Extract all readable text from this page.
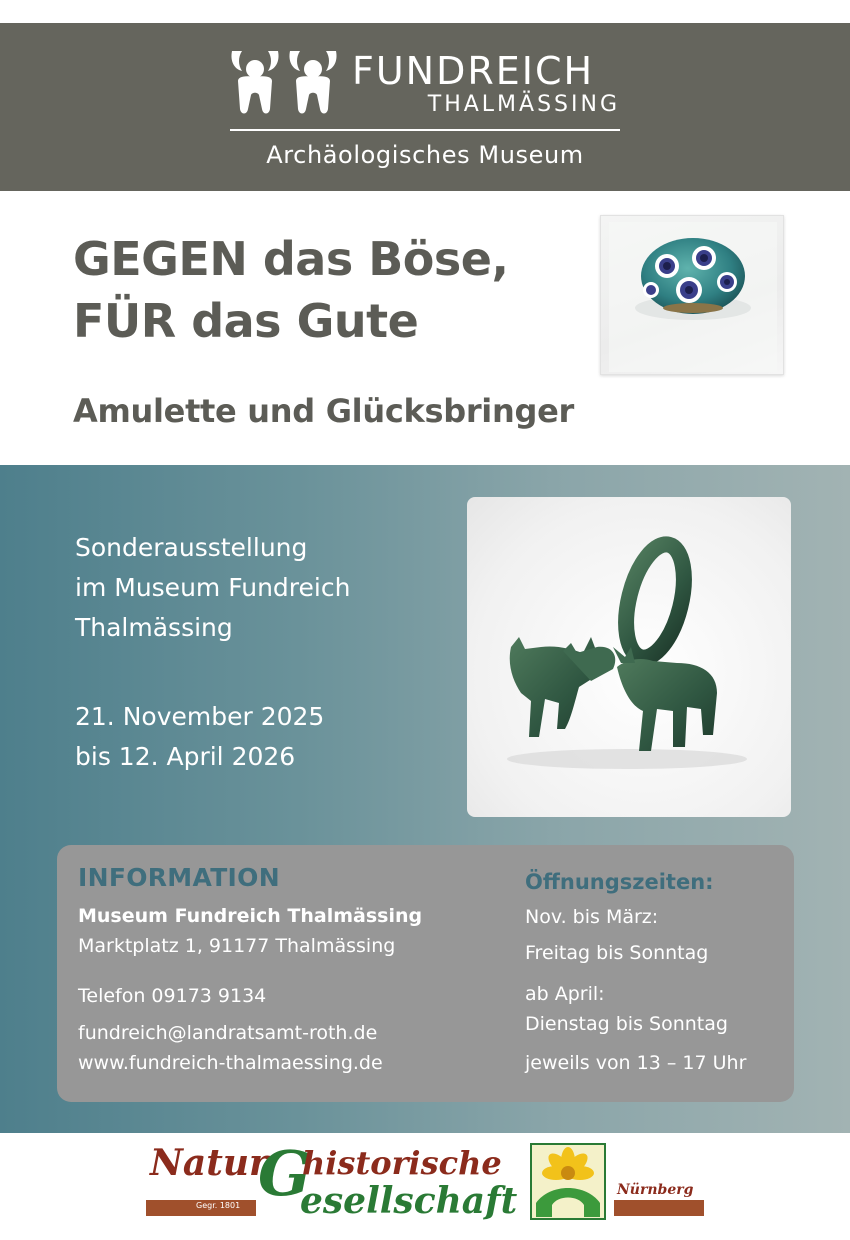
FUNDREICH
THALMÄSSING
Archäologisches Museum
GEGEN das Böse,
FÜR das Gute
Amulette und Glücksbringer
Sonderausstellung
im Museum Fundreich
Thalmässing
21. November 2025
bis 12. April 2026
INFORMATION
Museum Fundreich Thalmässing
Marktplatz 1, 91177 Thalmässing
Telefon 09173 9134
fundreich@landratsamt-roth.de
www.fundreich-thalmaessing.de
Öffnungszeiten:
Nov. bis März:
Freitag bis Sonntag
ab April:
Dienstag bis Sonntag
jeweils von 13 – 17 Uhr
Gegr. 1801
Natur
G
historische
esellschaft	Nürnberg
